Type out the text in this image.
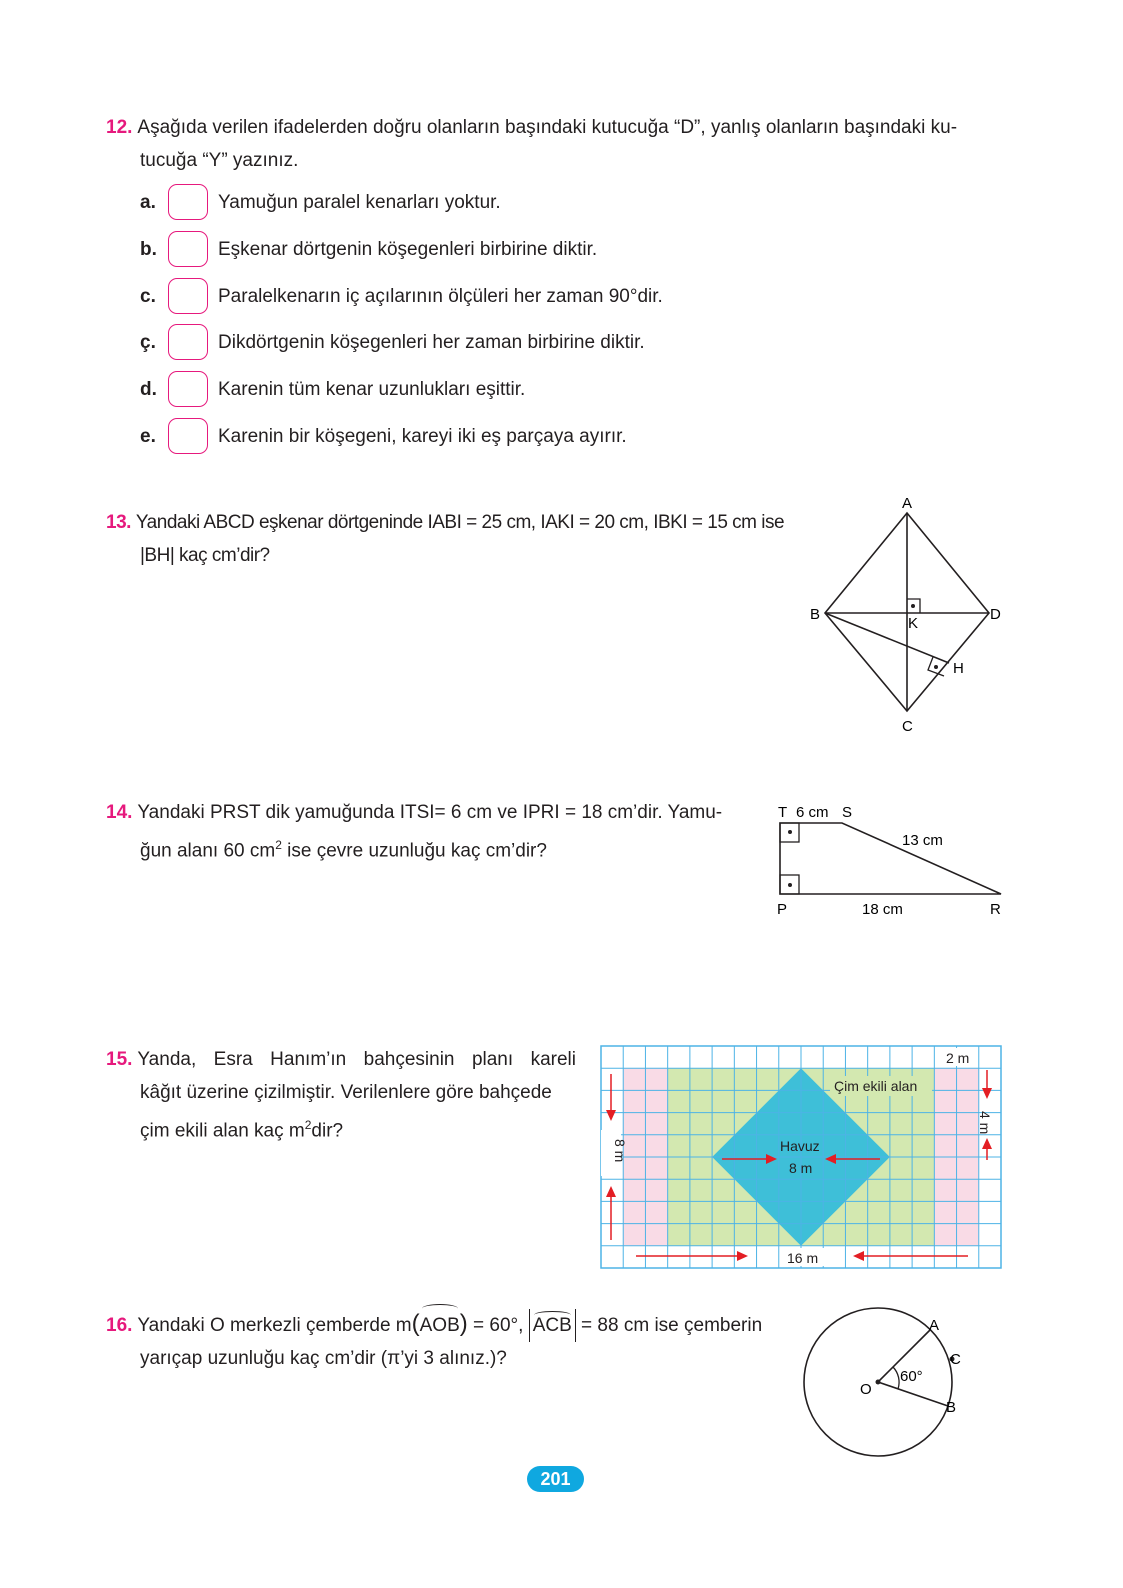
12. Aşağıda verilen ifadelerden doğru olanların başındaki kutucuğa “D”, yanlış olanların başındaki ku-
tucuğa “Y” yazınız.
a.	Yamuğun paralel kenarları yoktur.
b.	Eşkenar dörtgenin köşegenleri birbirine diktir.
c.	Paralelkenarın iç açılarının ölçüleri her zaman 90°dir.
ç.	Dikdörtgenin köşegenleri her zaman birbirine diktir.
d.	Karenin tüm kenar uzunlukları eşittir.
e.	Karenin bir köşegeni, kareyi iki eş parçaya ayırır.
13. Yandaki ABCD eşkenar dörtgeninde IABI = 25 cm, IAKI = 20 cm, IBKI = 15 cm ise
|BH| kaç cm’dir?
A
B
C
D
K
H
14. Yandaki PRST dik yamuğunda ITSI= 6 cm ve IPRI = 18 cm’dir. Yamu-
ğun alanı 60 $cm^2$ ise çevre uzunluğu kaç cm’dir?
T 6 cm S
13 cm
P	18 cm	R
15. Yanda, Esra Hanım’ın bahçesinin planı kareli
kâğıt üzerine çizilmiştir. Verilenlere göre bahçede
çim ekili alan kaç $m^2dir$?
2 m
Çim ekili alan
4 m
8 m	Havuz
8 m
16 m
16. Yandaki O merkezli çemberde m(
AOB) = 60°,
ACB = 88 cm ise çemberin
yarıçap uzunluğu kaç cm’dir (π’yi 3 alınız.)?
O
A
C
B
60°
201
